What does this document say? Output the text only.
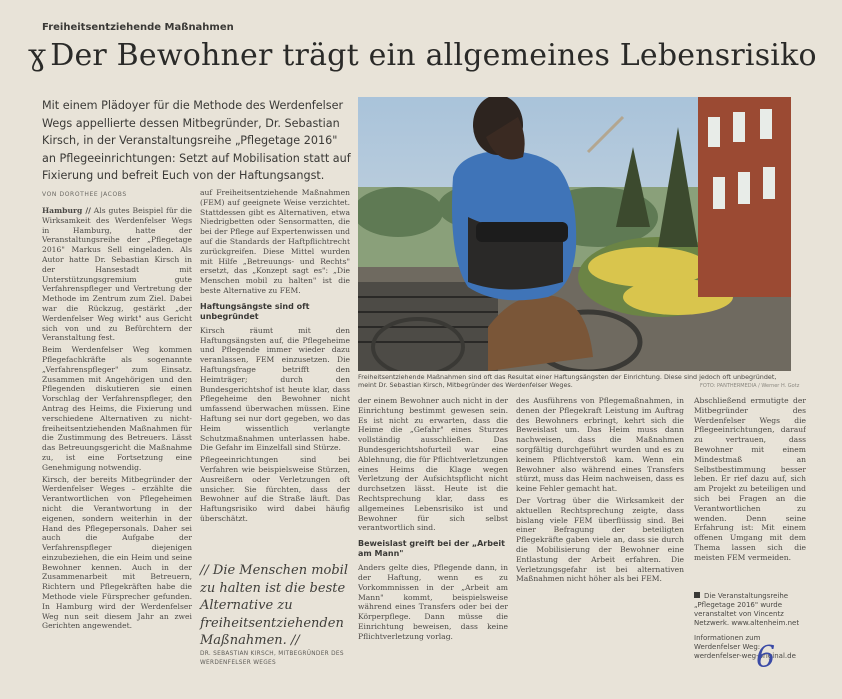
Freiheitsentziehende Maßnahmen
ɣ Der Bewohner trägt ein allgemeines Lebensrisiko
Mit einem Plädoyer für die Methode des Werdenfelser Wegs appellierte dessen Mitbegründer, Dr. Sebastian Kirsch, in der Veranstaltungsreihe „Pflegetage 2016" an Pflegeeinrichtungen: Setzt auf Mobilisation statt auf Fixierung und befreit Euch von der Haftungsangst.
VON DOROTHEE JACOBS
Freiheitsentziehende Maßnahmen sind oft das Resultat einer Haftungsängsten der Einrichtung. Diese sind jedoch oft unbegründet, meint Dr. Sebastian Kirsch, Mitbegründer des Werdenfelser Weges.	FOTO: PANTHERMEDIA / Werner H. Gotz

Hamburg // Als gutes Beispiel für die Wirksamkeit des Werdenfelser Wegs in Hamburg, hatte der Veranstaltungsreihe der „Pflegetage 2016" Markus Sell eingeladen. Als Autor hatte Dr. Sebastian Kirsch in der Hansestadt mit Unterstützungsgremium gute Verfahrenspfleger und Vertretung der Methode im Zentrum zum Ziel. Dabei war die Rückzug, gestärkt „der Werdenfelser Weg wirkt" aus Gericht sich von und zu Befürchtern der Veranstaltung fest.

Beim Werdenfelser Weg kommen Pflegefachkräfte als sogenannte „Verfahrenspfleger" zum Einsatz. Zusammen mit Angehörigen und den Pflegenden diskutieren sie einen Vorschlag der Verfahrenspfleger, den Antrag des Heims, die Fixierung und verschiedene Alternativen zu nicht-freiheitsentziehenden Maßnahmen für die Zustimmung des Betreuers. Lässt das Betreuungsgericht die Maßnahme zu, ist eine Fortsetzung eine Genehmigung notwendig.

Kirsch, der bereits Mitbegründer der Werdenfelser Weges – erzählte die Verantwortlichen von Pflegeheimen nicht die Verantwortung in der eigenen, sondern weiterhin in der Hand des Pflegepersonals. Daher sei auch die Aufgabe der Verfahrenspfleger diejenigen einzubeziehen, die ein Heim und seine Bewohner kennen. Auch in der Zusammenarbeit mit Betreuern, Richtern und Pflegekräften habe die Methode viele Fürsprecher gefunden. In Hamburg wird der Werdenfelser Weg nun seit diesem Jahr an zwei Gerichten angewendet.

auf Freiheitsentziehende Maßnahmen (FEM) auf geeignete Weise verzichtet. Stattdessen gibt es Alternativen, etwa Niedrigbetten oder Sensormatten, die bei der Pflege auf Expertenwissen und auf die Standards der Haftpflichtrecht zurückgreifen. Diese Mittel wurden mit Hilfe „Betreuungs- und Rechts" ersetzt, das „Konzept sagt es": „Die Menschen mobil zu halten" ist die beste Alternative zu FEM.

Haftungsängste sind oft unbegründet

Kirsch räumt mit den Haftungsängsten auf, die Pflegeheime und Pflegende immer wieder dazu veranlassen, FEM einzusetzen. Die Haftungsfrage betrifft den Heimträger; durch den Bundesgerichtshof ist heute klar, dass Pflegeheime den Bewohner nicht umfassend überwachen müssen. Eine Haftung sei nur dort gegeben, wo das Heim wissentlich verlangte Schutzmaßnahmen unterlassen habe. Die Gefahr im Einzelfall sind Stürze.

Pflegeeinrichtungen sind bei Verfahren wie beispielsweise Stürzen, Ausreißern oder Verletzungen oft unsicher. Sie fürchten, dass der Bewohner auf die Straße läuft. Das Haftungsrisiko wird dabei häufig überschätzt.

// Die Menschen mobil zu halten ist die beste Alternative zu freiheitsentziehenden Maßnahmen. //
DR. SEBASTIAN KIRSCH, MITBEGRÜNDER DES WERDENFELSER WEGES

der einem Bewohner auch nicht in der Einrichtung bestimmt gewesen sein. Es ist nicht zu erwarten, dass die Heime die „Gefahr" eines Sturzes vollständig ausschließen. Das Bundesgerichtshofurteil war eine Ablehnung, die für Pflichtverletzungen eines Heims die Klage wegen Verletzung der Aufsichtspflicht nicht durchsetzen lässt. Heute ist die Rechtsprechung klar, dass es allgemeines Lebensrisiko ist und Bewohner für sich selbst verantwortlich sind.

Beweislast greift bei der „Arbeit am Mann"

Anders gelte dies, Pflegende dann, in der Haftung, wenn es zu Vorkommnissen in der „Arbeit am Mann" kommt, beispielsweise während eines Transfers oder bei der Körperpflege. Dann müsse die Einrichtung beweisen, dass keine Pflichtverletzung vorlag.

des Ausführens von Pflegemaßnahmen, in denen der Pflegekraft Leistung im Auftrag des Bewohners erbringt, kehrt sich die Beweislast um. Das Heim muss dann nachweisen, dass die Maßnahmen sorgfältig durchgeführt wurden und es zu keinem Pflichtverstoß kam. Wenn ein Bewohner also während eines Transfers stürzt, muss das Heim nachweisen, dass es keine Fehler gemacht hat.

Der Vortrag über die Wirksamkeit der aktuellen Rechtsprechung zeigte, dass bislang viele FEM überflüssig sind. Bei einer Befragung der beteiligten Pflegekräfte gaben viele an, dass sie durch die Mobilisierung der Bewohner eine Entlastung der Arbeit erfahren. Die Verletzungsgefahr ist bei alternativen Maßnahmen nicht höher als bei FEM.

Abschließend ermutigte der Mitbegründer des Werdenfelser Wegs die Pflegeeinrichtungen, darauf zu vertrauen, dass Bewohner mit einem Mindestmaß an Selbstbestimmung besser leben. Er rief dazu auf, sich am Projekt zu beteiligen und sich bei Fragen an die Verantwortlichen zu wenden. Denn seine Erfahrung ist: Mit einem offenen Umgang mit dem Thema lassen sich die meisten FEM vermeiden.

Die Veranstaltungsreihe „Pflegetage 2016" wurde veranstaltet von Vincentz Netzwerk. www.altenheim.net
Informationen zum Werdenfelser Weg: werdenfelser-weg-original.de
6
